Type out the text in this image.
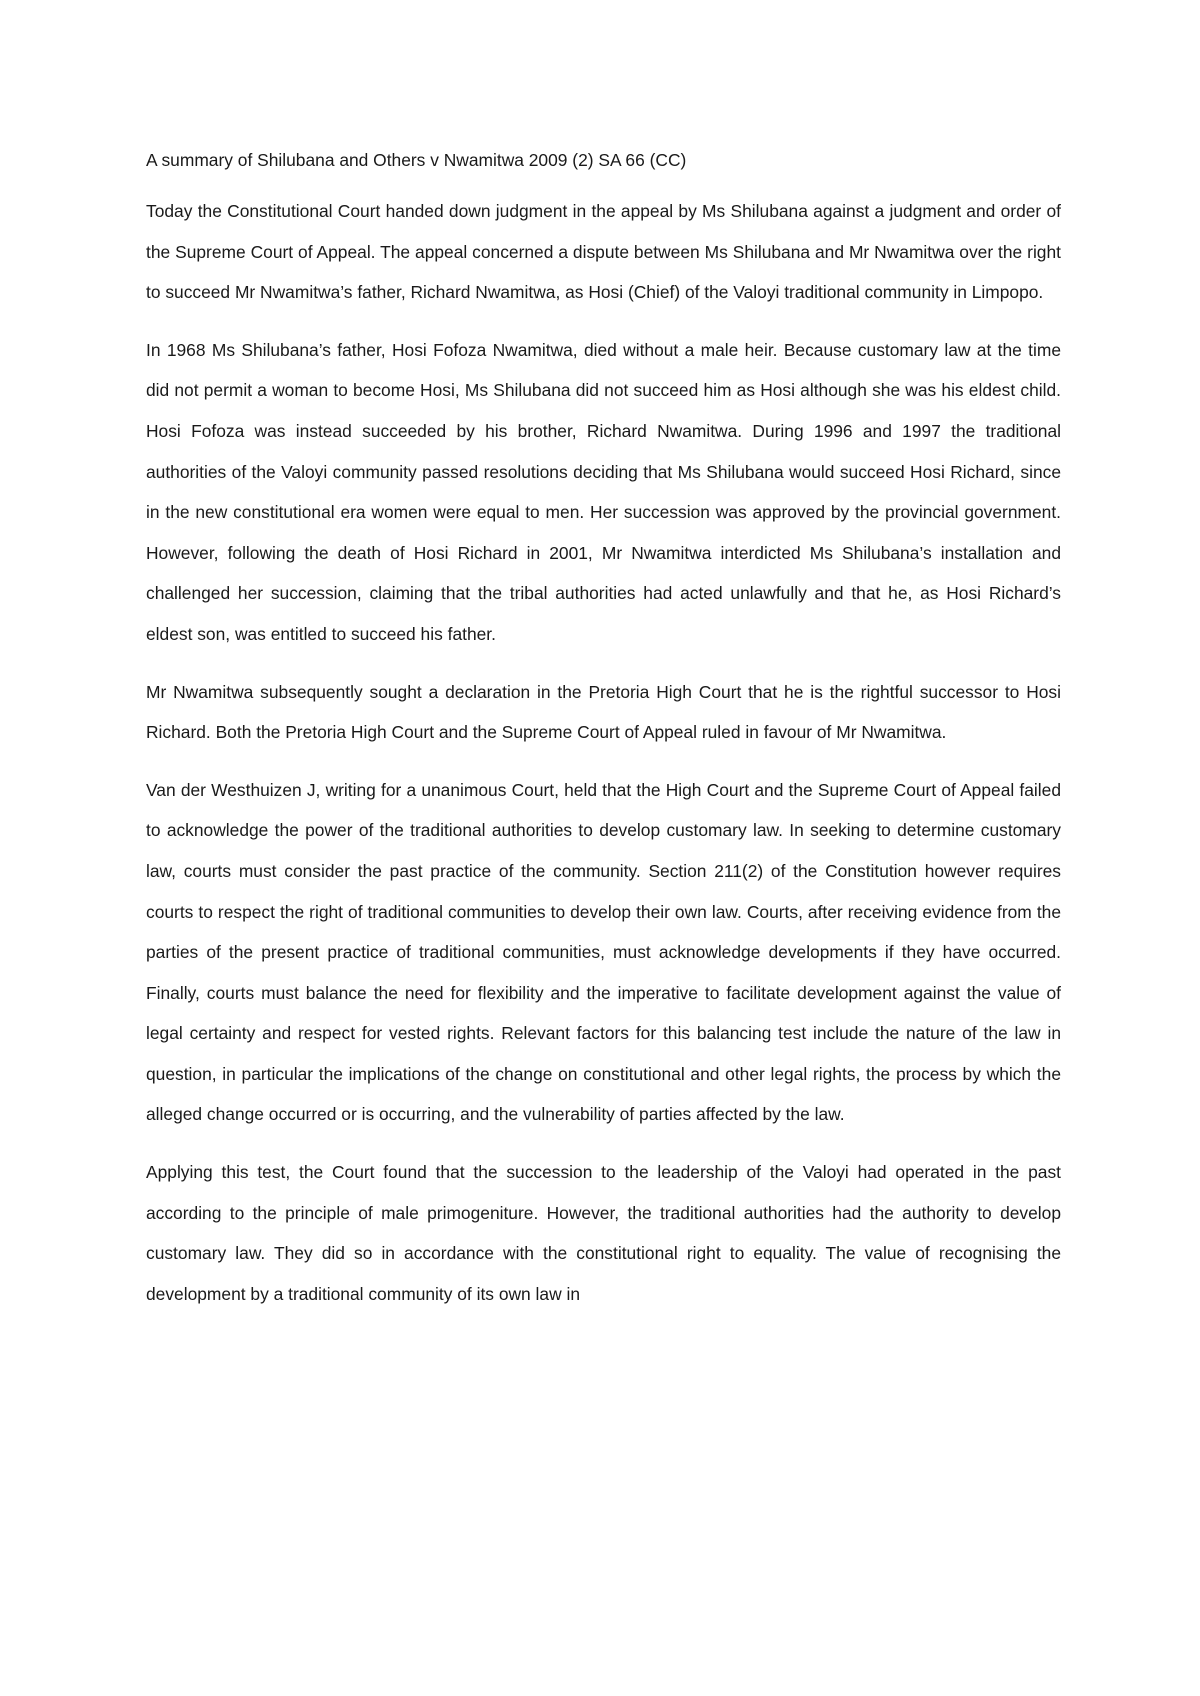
A summary of Shilubana and Others v Nwamitwa 2009 (2) SA 66 (CC)

Today the Constitutional Court handed down judgment in the appeal by Ms Shilubana against a judgment and order of the Supreme Court of Appeal. The appeal concerned a dispute between Ms Shilubana and Mr Nwamitwa over the right to succeed Mr Nwamitwa’s father, Richard Nwamitwa, as Hosi (Chief) of the Valoyi traditional community in Limpopo.

In 1968 Ms Shilubana’s father, Hosi Fofoza Nwamitwa, died without a male heir. Because customary law at the time did not permit a woman to become Hosi, Ms Shilubana did not succeed him as Hosi although she was his eldest child. Hosi Fofoza was instead succeeded by his brother, Richard Nwamitwa. During 1996 and 1997 the traditional authorities of the Valoyi community passed resolutions deciding that Ms Shilubana would succeed Hosi Richard, since in the new constitutional era women were equal to men. Her succession was approved by the provincial government. However, following the death of Hosi Richard in 2001, Mr Nwamitwa interdicted Ms Shilubana’s installation and challenged her succession, claiming that the tribal authorities had acted unlawfully and that he, as Hosi Richard’s eldest son, was entitled to succeed his father.

Mr Nwamitwa subsequently sought a declaration in the Pretoria High Court that he is the rightful successor to Hosi Richard. Both the Pretoria High Court and the Supreme Court of Appeal ruled in favour of Mr Nwamitwa.

Van der Westhuizen J, writing for a unanimous Court, held that the High Court and the Supreme Court of Appeal failed to acknowledge the power of the traditional authorities to develop customary law. In seeking to determine customary law, courts must consider the past practice of the community. Section 211(2) of the Constitution however requires courts to respect the right of traditional communities to develop their own law. Courts, after receiving evidence from the parties of the present practice of traditional communities, must acknowledge developments if they have occurred. Finally, courts must balance the need for flexibility and the imperative to facilitate development against the value of legal certainty and respect for vested rights. Relevant factors for this balancing test include the nature of the law in question, in particular the implications of the change on constitutional and other legal rights, the process by which the alleged change occurred or is occurring, and the vulnerability of parties affected by the law.

Applying this test, the Court found that the succession to the leadership of the Valoyi had operated in the past according to the principle of male primogeniture. However, the traditional authorities had the authority to develop customary law. They did so in accordance with the constitutional right to equality. The value of recognising the development by a traditional community of its own law in
